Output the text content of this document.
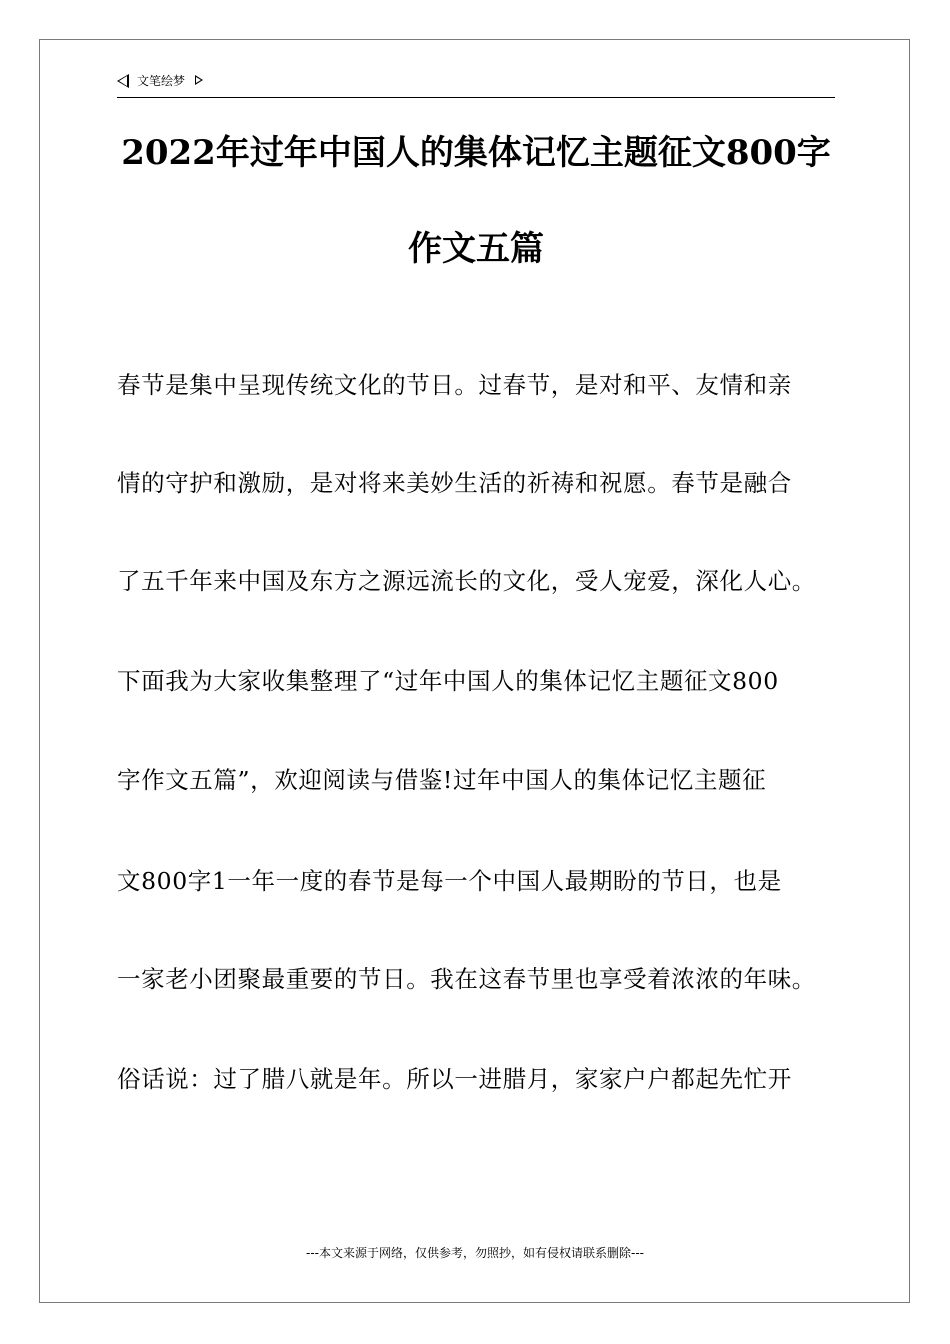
文笔绘梦
2022年过年中国人的集体记忆主题征文800字
作文五篇
春节是集中呈现传统文化的节日。过春节，是对和平、友情和亲
情的守护和激励，是对将来美妙生活的祈祷和祝愿。春节是融合
了五千年来中国及东方之源远流长的文化，受人宠爱，深化人心。
下面我为大家收集整理了“过年中国人的集体记忆主题征文800
字作文五篇”，欢迎阅读与借鉴!过年中国人的集体记忆主题征
文800字1一年一度的春节是每一个中国人最期盼的节日，也是
一家老小团聚最重要的节日。我在这春节里也享受着浓浓的年味。
俗话说：过了腊八就是年。所以一进腊月，家家户户都起先忙开
---本文来源于网络，仅供参考，勿照抄，如有侵权请联系删除---
